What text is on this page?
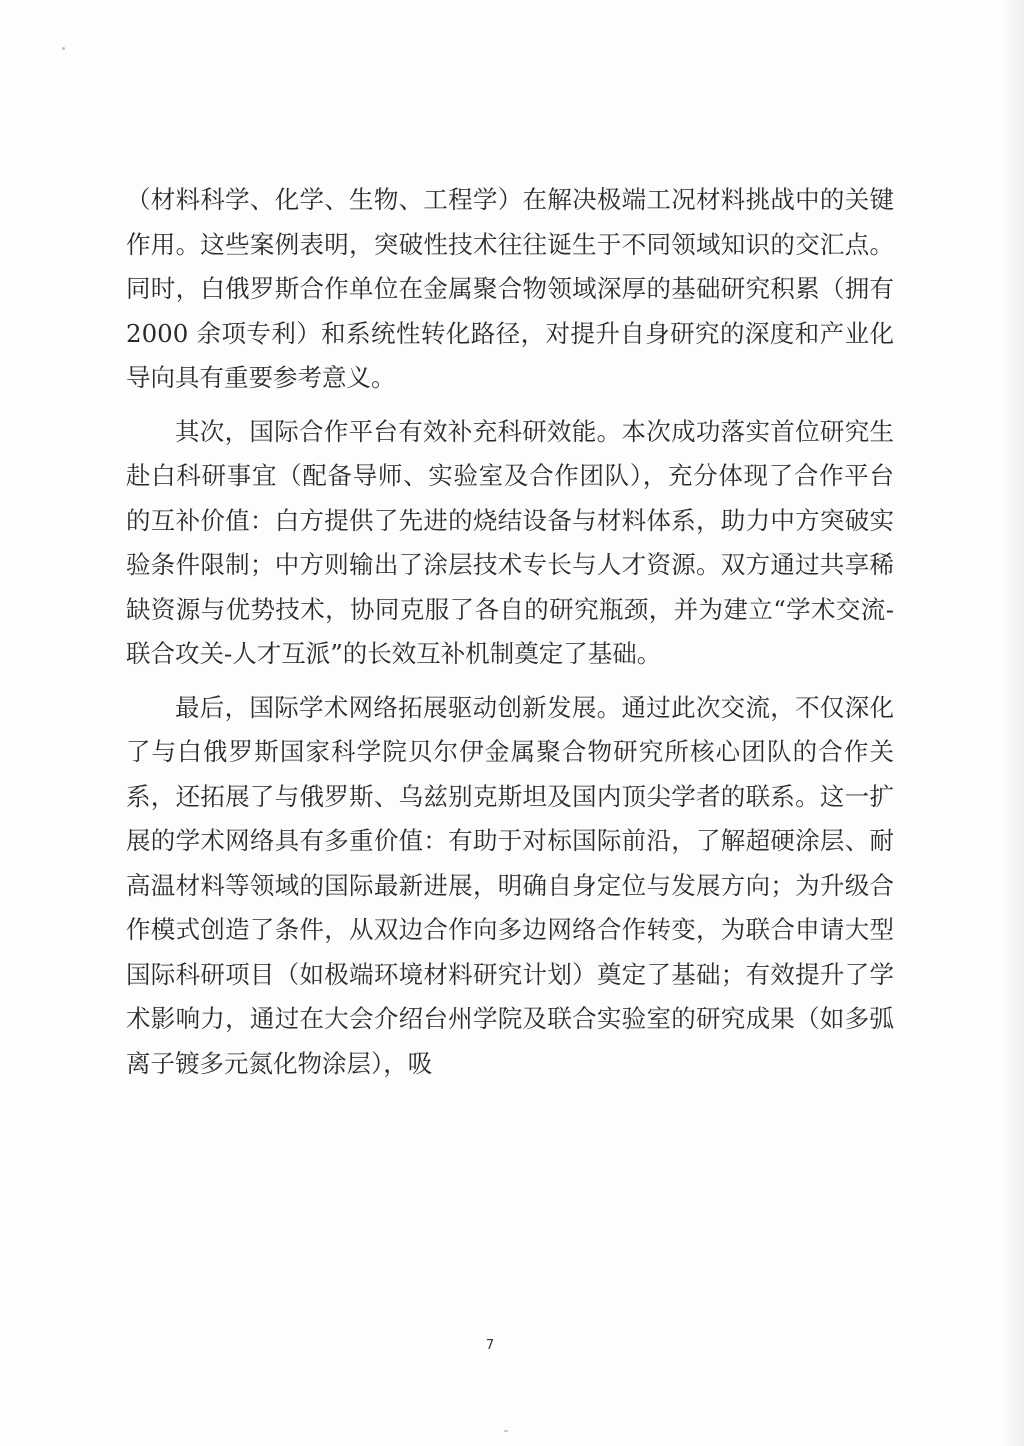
（材料科学、化学、生物、工程学）在解决极端工况材料挑战中的关键作用。这些案例表明，突破性技术往往诞生于不同领域知识的交汇点。同时，白俄罗斯合作单位在金属聚合物领域深厚的基础研究积累（拥有 2000 余项专利）和系统性转化路径，对提升自身研究的深度和产业化导向具有重要参考意义。

其次，国际合作平台有效补充科研效能。本次成功落实首位研究生赴白科研事宜（配备导师、实验室及合作团队），充分体现了合作平台的互补价值：白方提供了先进的烧结设备与材料体系，助力中方突破实验条件限制；中方则输出了涂层技术专长与人才资源。双方通过共享稀缺资源与优势技术，协同克服了各自的研究瓶颈，并为建立“学术交流-联合攻关-人才互派”的长效互补机制奠定了基础。

最后，国际学术网络拓展驱动创新发展。通过此次交流，不仅深化了与白俄罗斯国家科学院贝尔伊金属聚合物研究所核心团队的合作关系，还拓展了与俄罗斯、乌兹别克斯坦及国内顶尖学者的联系。这一扩展的学术网络具有多重价值：有助于对标国际前沿，了解超硬涂层、耐高温材料等领域的国际最新进展，明确自身定位与发展方向；为升级合作模式创造了条件，从双边合作向多边网络合作转变，为联合申请大型国际科研项目（如极端环境材料研究计划）奠定了基础；有效提升了学术影响力，通过在大会介绍台州学院及联合实验室的研究成果（如多弧离子镀多元氮化物涂层），吸

7
